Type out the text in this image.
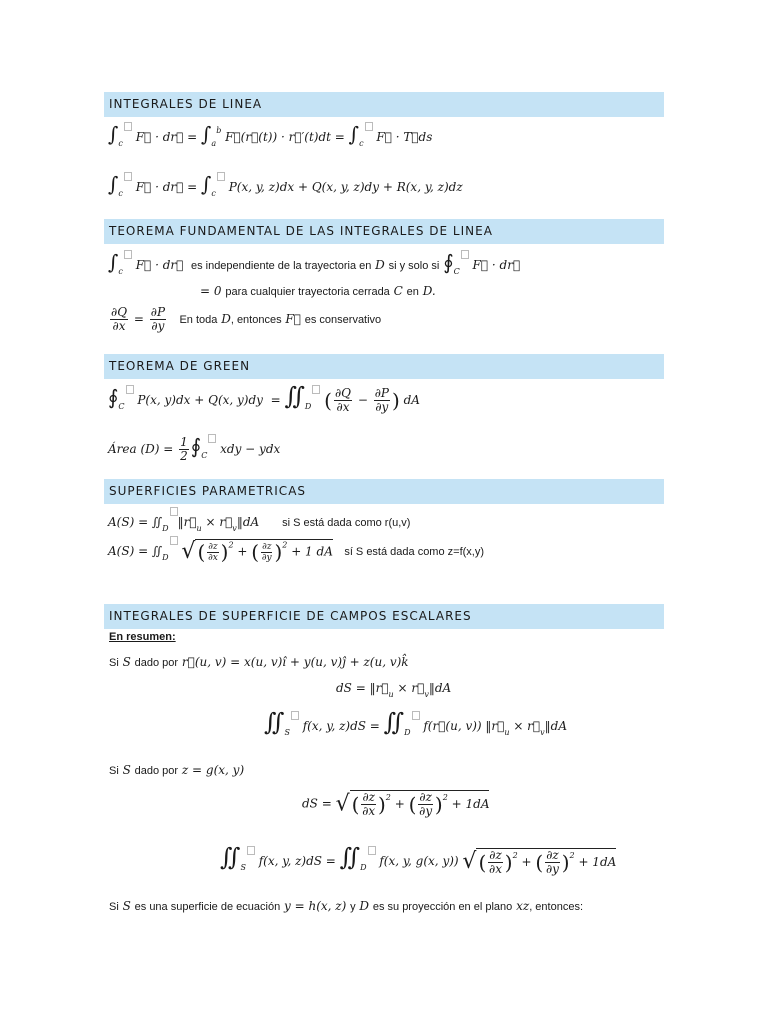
INTEGRALES DE LINEA
$\int_c$ F⃗ · dr⃗ = $\int_a^b$ F⃗(r⃗(t)) · r⃗′(t)dt = $\int_c$ F⃗ · T⃗ds
$\int_c$ F⃗ · dr⃗ = $\int_c$ P(x, y, z)dx + Q(x, y, z)dy + R(x, y, z)dz
TEOREMA FUNDAMENTAL DE LAS INTEGRALES DE LINEA
$\int_c$ F⃗ · dr⃗  es independiente de la trayectoria en D si y solo si $∮_C$ F⃗ · dr⃗
= 0 para cualquier trayectoria cerrada C en D.
$\frac{\partial Q}{\partial x} = \frac{\partial P}{\partial y}$ En toda D, entonces F⃗ es conservativo
TEOREMA DE GREEN
$∮_C$ P(x, y)dx + Q(x, $y)dy = ∬_D$ ( $\frac{\partial Q}{\partial x} - \frac{\partial P}{\partial y}$ ) dA
Área $(D) = \frac{1}{2}$ $∮_C$ xdy − ydx
SUPERFICIES PARAMETRICAS
$A(S) = ∬_D$ $‖r⃗_u$ × $r⃗_v‖dA$      si S está dada como r(u,v)
$A(S) = ∬_D$ √ ( $\frac{\partial z}{\partial x} )^2$ + ( $\frac{\partial z}{\partial y} )^2 + 1$ dA sí S está dada como z=f(x,y)
INTEGRALES DE SUPERFICIE DE CAMPOS ESCALARES
En resumen:
Si S dado por r⃗(u, v) = x(u, v)ı̂ + y(u, v)ȷ̂ + z(u, v)k̂
dS = $‖r⃗_u$ × $r⃗_v‖dA$
$∬_S$ f(x, y, $z)dS = ∬_D$ f(r⃗(u, v)) $‖r⃗_u$ × $r⃗_v‖dA$
Si S dado por z = g(x, y)
dS = √ ( $\frac{\partial z}{\partial x} )^2$ + ( $\frac{\partial z}{\partial y} )^2 + 1dA$
$∬_S$ f(x, y, $z)dS = ∬_D$ f(x, y, g(x, y)) √ ( $\frac{\partial z}{\partial x} )^2$ + ( $\frac{\partial z}{\partial y} )^2 + 1dA$
Si S es una superficie de ecuación y = h(x, z) y D es su proyección en el plano xz, entonces:
